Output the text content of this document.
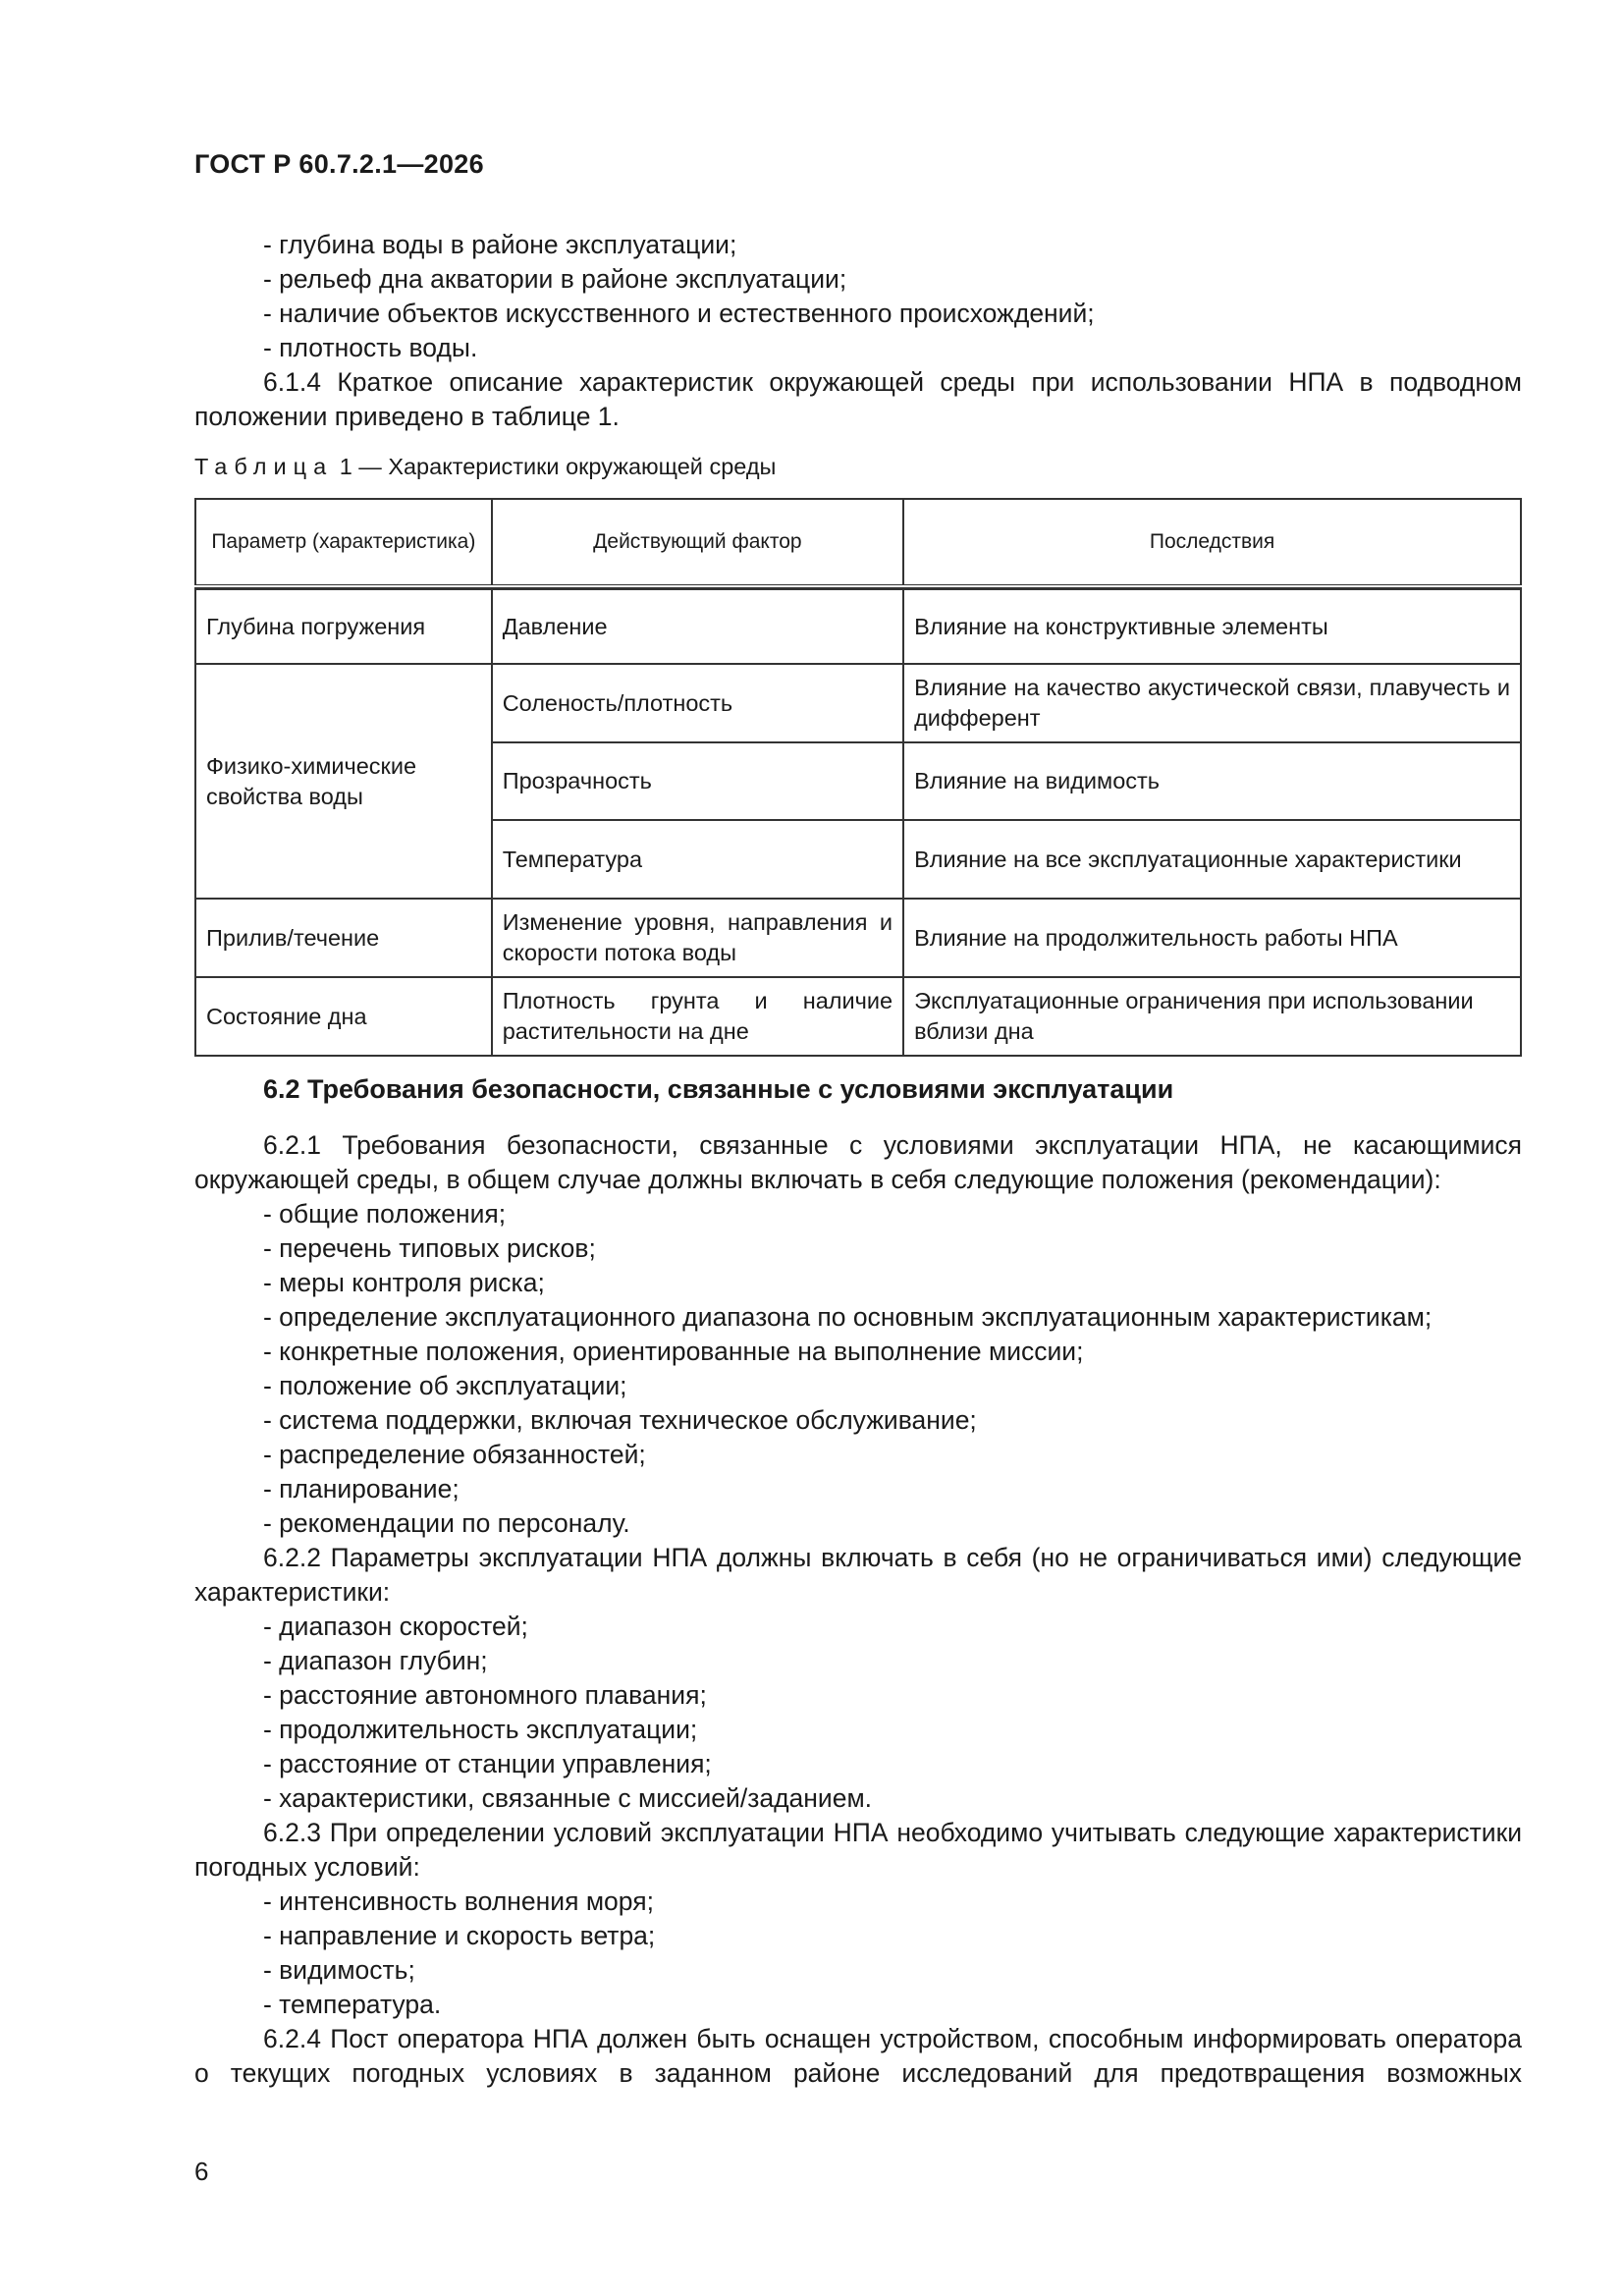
ГОСТ Р 60.7.2.1—2026
- глубина воды в районе эксплуатации;
- рельеф дна акватории в районе эксплуатации;
- наличие объектов искусственного и естественного происхождений;
- плотность воды.
6.1.4 Краткое описание характеристик окружающей среды при использовании НПА в подводном положении приведено в таблице 1.
Таблица 1 — Характеристики окружающей среды
Параметр (характеристика)	Действующий фактор	Последствия

Глубина погружения	Давление	Влияние на конструктивные элементы
Физико-химические свойства воды	Соленость/плотность	Влияние на качество акустической связи, плавучесть и дифферент
	Прозрачность	Влияние на видимость
	Температура	Влияние на все эксплуатационные характеристики
Прилив/течение	Изменение уровня, направления и скорости потока воды	Влияние на продолжительность работы НПА
Состояние дна	Плотность грунта и наличие растительности на дне	Эксплуатационные ограничения при использовании вблизи дна
6.2 Требования безопасности, связанные с условиями эксплуатации
6.2.1 Требования безопасности, связанные с условиями эксплуатации НПА, не касающимися окружающей среды, в общем случае должны включать в себя следующие положения (рекомендации):
- общие положения;
- перечень типовых рисков;
- меры контроля риска;
- определение эксплуатационного диапазона по основным эксплуатационным характеристикам;
- конкретные положения, ориентированные на выполнение миссии;
- положение об эксплуатации;
- система поддержки, включая техническое обслуживание;
- распределение обязанностей;
- планирование;
- рекомендации по персоналу.
6.2.2 Параметры эксплуатации НПА должны включать в себя (но не ограничиваться ими) следующие характеристики:
- диапазон скоростей;
- диапазон глубин;
- расстояние автономного плавания;
- продолжительность эксплуатации;
- расстояние от станции управления;
- характеристики, связанные с миссией/заданием.
6.2.3 При определении условий эксплуатации НПА необходимо учитывать следующие характеристики погодных условий:
- интенсивность волнения моря;
- направление и скорость ветра;
- видимость;
- температура.
6.2.4 Пост оператора НПА должен быть оснащен устройством, способным информировать оператора о текущих погодных условиях в заданном районе исследований для предотвращения возможных
6
